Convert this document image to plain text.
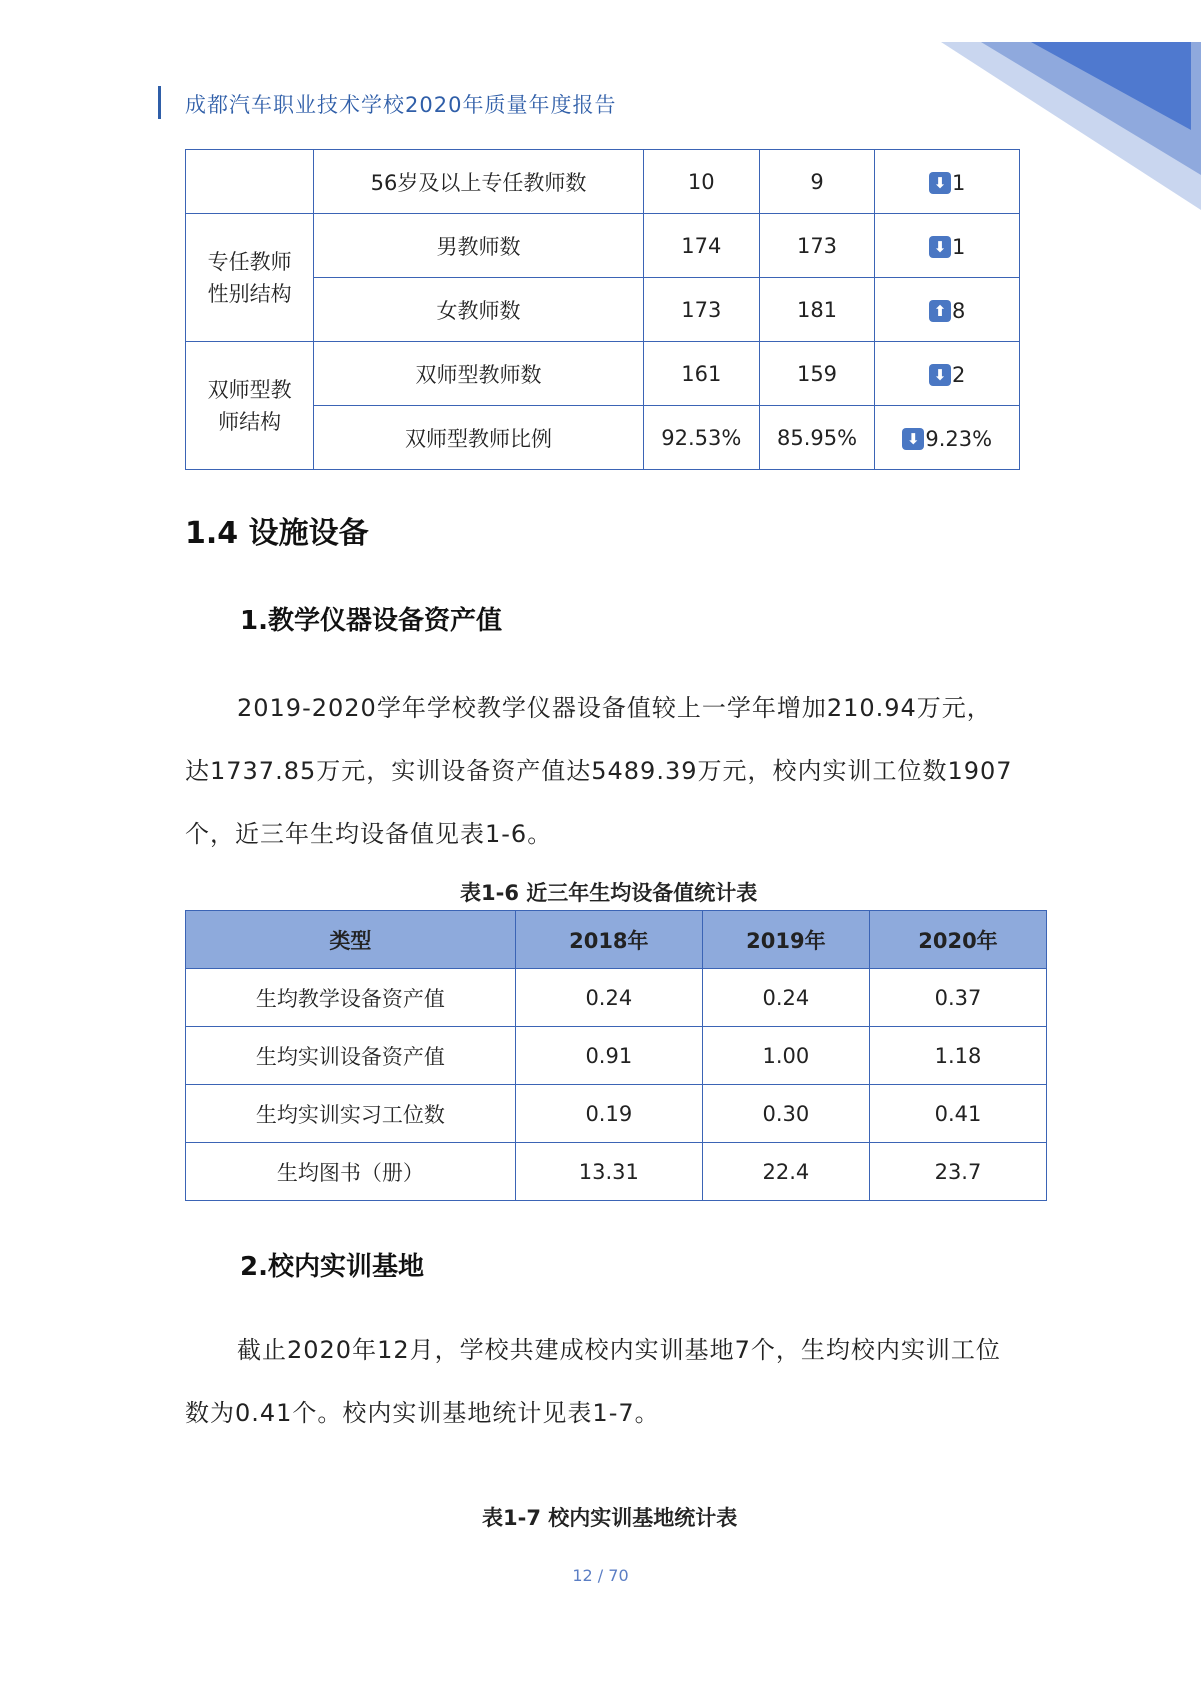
成都汽车职业技术学校2020年质量年度报告
	56岁及以上专任教师数	10	9	⬇ 1

专任教师
性别结构	男教师数	174	173	⬇ 1

	女教师数	173	181	⬆ 8

双师型教
师结构	双师型教师数	161	159	⬇ 2

	双师型教师比例	92.53%	85.95%	⬇ 9.23%
1.4 设施设备
1.教学仪器设备资产值
2019-2020学年学校教学仪器设备值较上一学年增加210.94万元，达1737.85万元，实训设备资产值达5489.39万元，校内实训工位数1907个，近三年生均设备值见表1-6。
表1-6 近三年生均设备值统计表
类型	2018年	2019年	2020年
生均教学设备资产值	0.24	0.24	0.37
生均实训设备资产值	0.91	1.00	1.18
生均实训实习工位数	0.19	0.30	0.41
生均图书（册）	13.31	22.4	23.7
2.校内实训基地
截止2020年12月，学校共建成校内实训基地7个，生均校内实训工位数为0.41个。校内实训基地统计见表1-7。
表1-7 校内实训基地统计表
12 / 70
